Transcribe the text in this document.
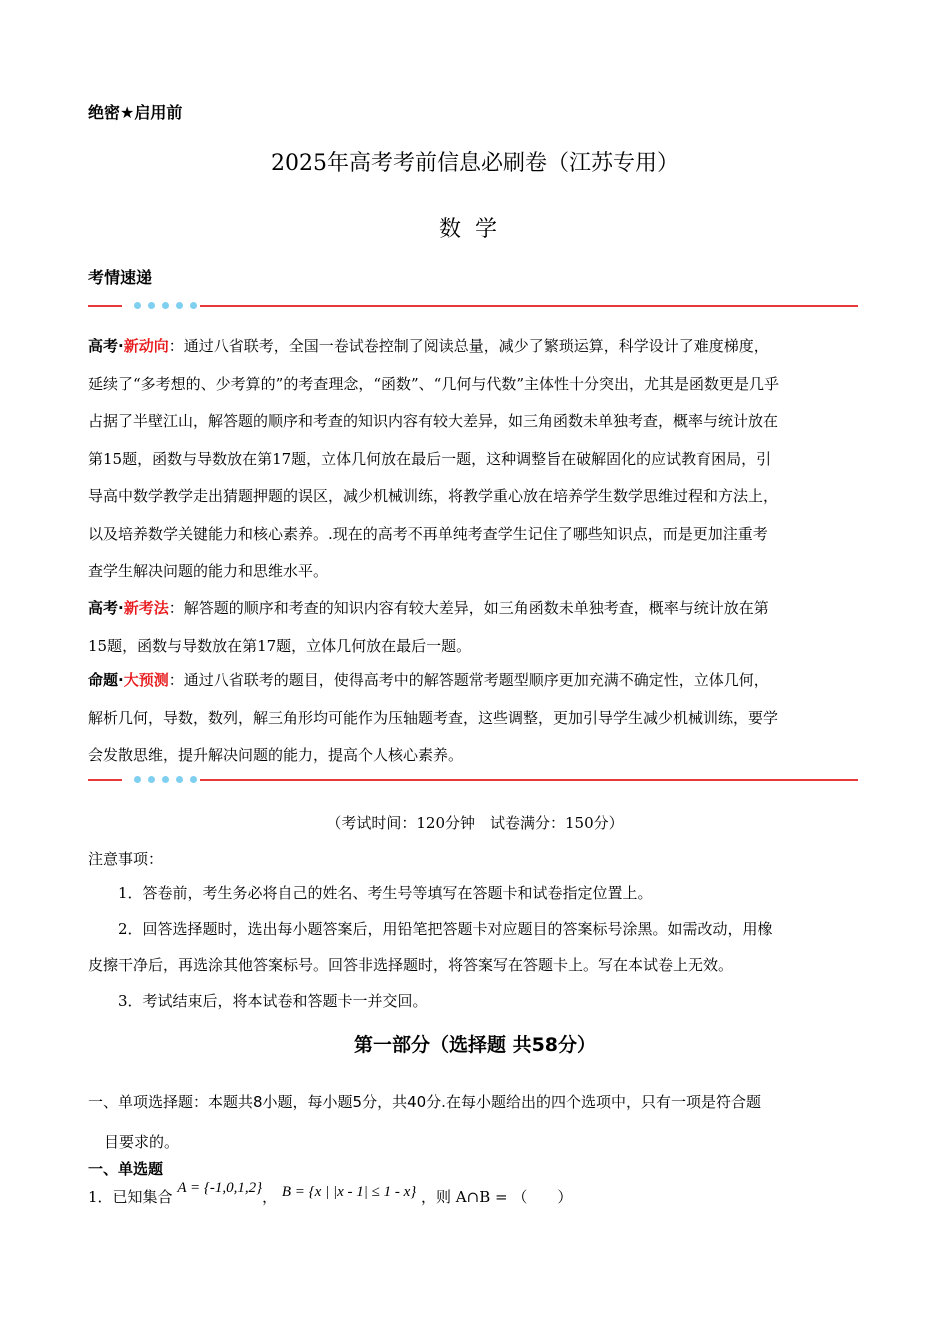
绝密★启用前
2025年高考考前信息必刷卷（江苏专用）
数学
考情速递
高考·新动向：通过八省联考，全国一卷试卷控制了阅读总量，减少了繁琐运算，科学设计了难度梯度，
延续了“多考想的、少考算的”的考查理念，“函数”、“几何与代数”主体性十分突出，尤其是函数更是几乎
占据了半壁江山，解答题的顺序和考查的知识内容有较大差异，如三角函数未单独考查，概率与统计放在
第15题，函数与导数放在第17题，立体几何放在最后一题，这种调整旨在破解固化的应试教育困局，引
导高中数学教学走出猜题押题的误区，减少机械训练，将教学重心放在培养学生数学思维过程和方法上，
以及培养数学关键能力和核心素养。.现在的高考不再单纯考查学生记住了哪些知识点，而是更加注重考
查学生解决问题的能力和思维水平。
高考·新考法：解答题的顺序和考查的知识内容有较大差异，如三角函数未单独考查，概率与统计放在第
15题，函数与导数放在第17题，立体几何放在最后一题。
命题·大预测：通过八省联考的题目，使得高考中的解答题常考题型顺序更加充满不确定性，立体几何，
解析几何，导数，数列，解三角形均可能作为压轴题考查，这些调整，更加引导学生减少机械训练，要学
会发散思维，提升解决问题的能力，提高个人核心素养。
（考试时间：120分钟　试卷满分：150分）
注意事项：
1．答卷前，考生务必将自己的姓名、考生号等填写在答题卡和试卷指定位置上。
2．回答选择题时，选出每小题答案后，用铅笔把答题卡对应题目的答案标号涂黑。如需改动，用橡
皮擦干净后，再选涂其他答案标号。回答非选择题时，将答案写在答题卡上。写在本试卷上无效。
3．考试结束后，将本试卷和答题卡一并交回。
第一部分（选择题 共58分）
一、单项选择题：本题共8小题，每小题5分，共40分.在每小题给出的四个选项中，只有一项是符合题
目要求的。
一、单选题
1．已知集合 A = {-1,0,1,2}， B = {x | |x - 1| ≤ 1 - x} ，则 A∩B = （　　）
